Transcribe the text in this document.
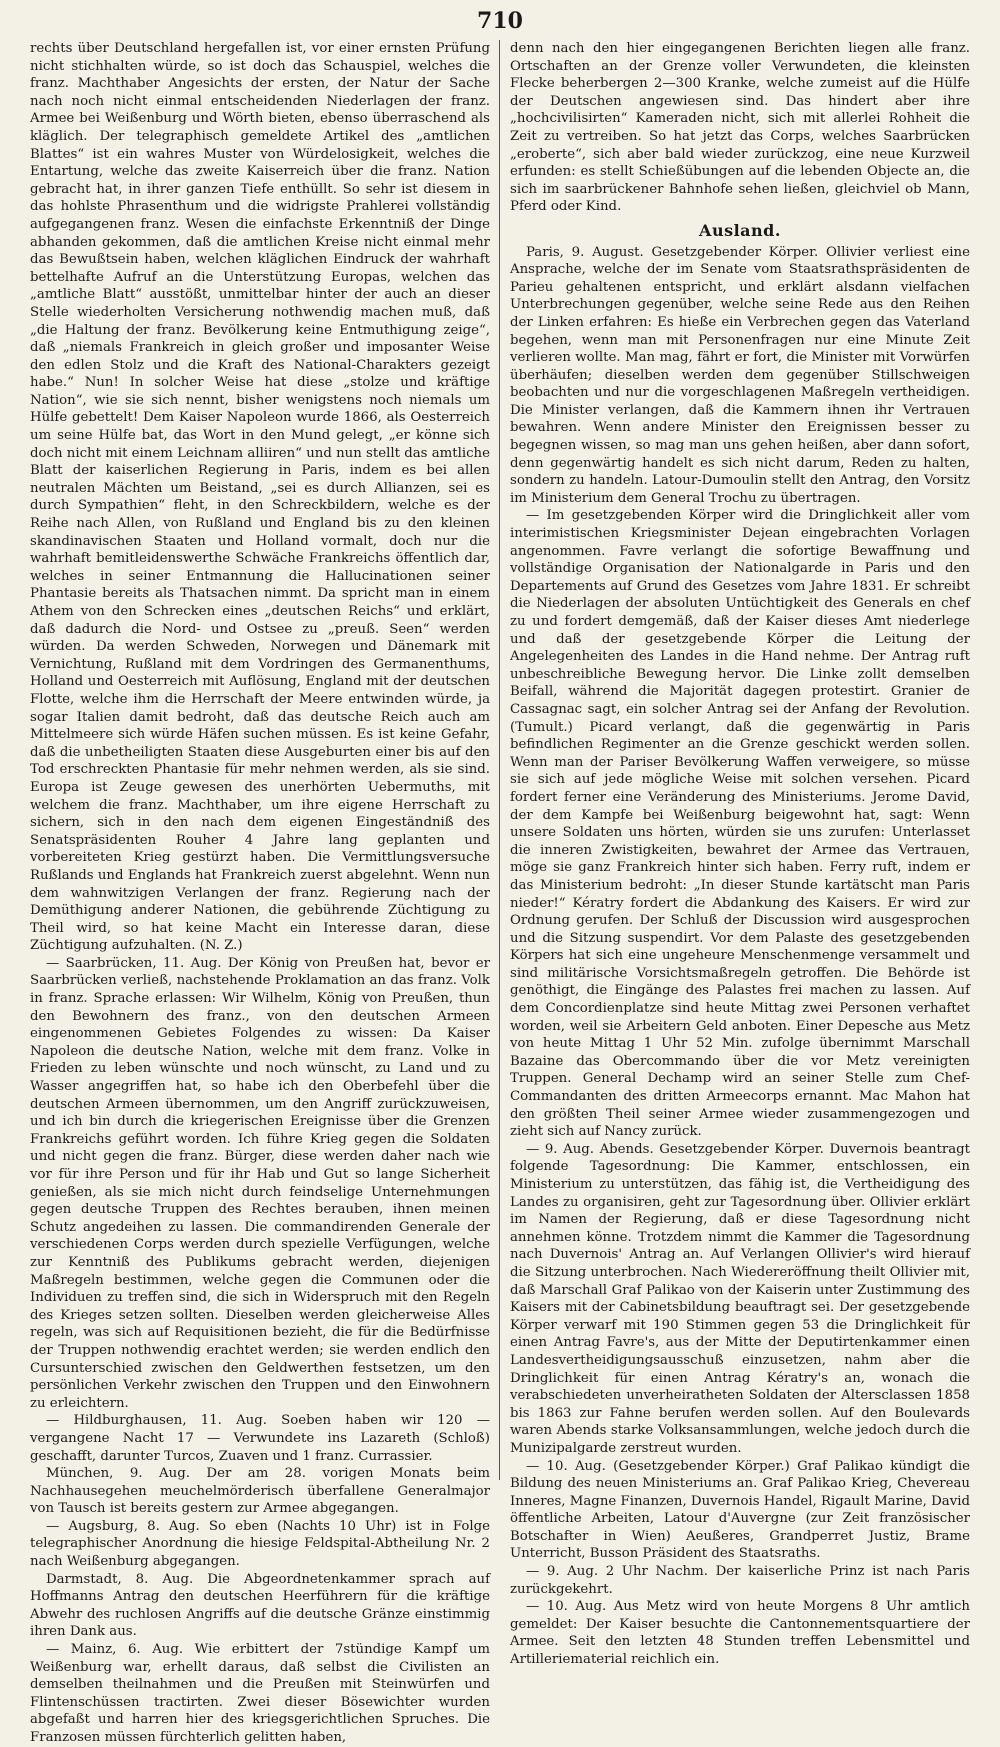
710

rechts über Deutschland hergefallen ist, vor einer ernsten Prüfung nicht stichhalten würde, so ist doch das Schauspiel, welches die franz. Machthaber Angesichts der ersten, der Natur der Sache nach noch nicht einmal entscheidenden Niederlagen der franz. Armee bei Weißenburg und Wörth bieten, ebenso überraschend als kläglich. Der telegraphisch gemeldete Artikel des „amtlichen Blattes“ ist ein wahres Muster von Würdelosigkeit, welches die Entartung, welche das zweite Kaiserreich über die franz. Nation gebracht hat, in ihrer ganzen Tiefe enthüllt. So sehr ist diesem in das hohlste Phrasenthum und die widrigste Prahlerei vollständig aufgegangenen franz. Wesen die einfachste Erkenntniß der Dinge abhanden gekommen, daß die amtlichen Kreise nicht einmal mehr das Bewußtsein haben, welchen kläglichen Eindruck der wahrhaft bettelhafte Aufruf an die Unterstützung Europas, welchen das „amtliche Blatt“ ausstößt, unmittelbar hinter der auch an dieser Stelle wiederholten Versicherung nothwendig machen muß, daß „die Haltung der franz. Bevölkerung keine Entmuthigung zeige“, daß „niemals Frankreich in gleich großer und imposanter Weise den edlen Stolz und die Kraft des National-Charakters gezeigt habe.“ Nun! In solcher Weise hat diese „stolze und kräftige Nation“, wie sie sich nennt, bisher wenigstens noch niemals um Hülfe gebettelt! Dem Kaiser Napoleon wurde 1866, als Oesterreich um seine Hülfe bat, das Wort in den Mund gelegt, „er könne sich doch nicht mit einem Leichnam alliiren“ und nun stellt das amtliche Blatt der kaiserlichen Regierung in Paris, indem es bei allen neutralen Mächten um Beistand, „sei es durch Allianzen, sei es durch Sympathien“ fleht, in den Schreckbildern, welche es der Reihe nach Allen, von Rußland und England bis zu den kleinen skandinavischen Staaten und Holland vormalt, doch nur die wahrhaft bemitleidenswerthe Schwäche Frankreichs öffentlich dar, welches in seiner Entmannung die Hallucinationen seiner Phantasie bereits als Thatsachen nimmt. Da spricht man in einem Athem von den Schrecken eines „deutschen Reichs“ und erklärt, daß dadurch die Nord- und Ostsee zu „preuß. Seen“ werden würden. Da werden Schweden, Norwegen und Dänemark mit Vernichtung, Rußland mit dem Vordringen des Germanenthums, Holland und Oesterreich mit Auflösung, England mit der deutschen Flotte, welche ihm die Herrschaft der Meere entwinden würde, ja sogar Italien damit bedroht, daß das deutsche Reich auch am Mittelmeere sich würde Häfen suchen müssen. Es ist keine Gefahr, daß die unbetheiligten Staaten diese Ausgeburten einer bis auf den Tod erschreckten Phantasie für mehr nehmen werden, als sie sind. Europa ist Zeuge gewesen des unerhörten Uebermuths, mit welchem die franz. Machthaber, um ihre eigene Herrschaft zu sichern, sich in den nach dem eigenen Eingeständniß des Senatspräsidenten Rouher 4 Jahre lang geplanten und vorbereiteten Krieg gestürzt haben. Die Vermittlungsversuche Rußlands und Englands hat Frankreich zuerst abgelehnt. Wenn nun dem wahnwitzigen Verlangen der franz. Regierung nach der Demüthigung anderer Nationen, die gebührende Züchtigung zu Theil wird, so hat keine Macht ein Interesse daran, diese Züchtigung aufzuhalten. (N. Z.)

— Saarbrücken, 11. Aug. Der König von Preußen hat, bevor er Saarbrücken verließ, nachstehende Proklamation an das franz. Volk in franz. Sprache erlassen: Wir Wilhelm, König von Preußen, thun den Bewohnern des franz., von den deutschen Armeen eingenommenen Gebietes Folgendes zu wissen: Da Kaiser Napoleon die deutsche Nation, welche mit dem franz. Volke in Frieden zu leben wünschte und noch wünscht, zu Land und zu Wasser angegriffen hat, so habe ich den Oberbefehl über die deutschen Armeen übernommen, um den Angriff zurückzuweisen, und ich bin durch die kriegerischen Ereignisse über die Grenzen Frankreichs geführt worden. Ich führe Krieg gegen die Soldaten und nicht gegen die franz. Bürger, diese werden daher nach wie vor für ihre Person und für ihr Hab und Gut so lange Sicherheit genießen, als sie mich nicht durch feindselige Unternehmungen gegen deutsche Truppen des Rechtes berauben, ihnen meinen Schutz angedeihen zu lassen. Die commandirenden Generale der verschiedenen Corps werden durch spezielle Verfügungen, welche zur Kenntniß des Publikums gebracht werden, diejenigen Maßregeln bestimmen, welche gegen die Communen oder die Individuen zu treffen sind, die sich in Widerspruch mit den Regeln des Krieges setzen sollten. Dieselben werden gleicherweise Alles regeln, was sich auf Requisitionen bezieht, die für die Bedürfnisse der Truppen nothwendig erachtet werden; sie werden endlich den Cursunterschied zwischen den Geldwerthen festsetzen, um den persönlichen Verkehr zwischen den Truppen und den Einwohnern zu erleichtern.

— Hildburghausen, 11. Aug. Soeben haben wir 120 — vergangene Nacht 17 — Verwundete ins Lazareth (Schloß) geschafft, darunter Turcos, Zuaven und 1 franz. Currassier.

München, 9. Aug. Der am 28. vorigen Monats beim Nachhausegehen meuchelmörderisch überfallene Generalmajor von Tausch ist bereits gestern zur Armee abgegangen.

— Augsburg, 8. Aug. So eben (Nachts 10 Uhr) ist in Folge telegraphischer Anordnung die hiesige Feldspital-Abtheilung Nr. 2 nach Weißenburg abgegangen.

Darmstadt, 8. Aug. Die Abgeordnetenkammer sprach auf Hoffmanns Antrag den deutschen Heerführern für die kräftige Abwehr des ruchlosen Angriffs auf die deutsche Gränze einstimmig ihren Dank aus.

— Mainz, 6. Aug. Wie erbittert der 7stündige Kampf um Weißenburg war, erhellt daraus, daß selbst die Civilisten an demselben theilnahmen und die Preußen mit Steinwürfen und Flintenschüssen tractirten. Zwei dieser Bösewichter wurden abgefaßt und harren hier des kriegsgerichtlichen Spruches. Die Franzosen müssen fürchterlich gelitten haben,

denn nach den hier eingegangenen Berichten liegen alle franz. Ortschaften an der Grenze voller Verwundeten, die kleinsten Flecke beherbergen 2—300 Kranke, welche zumeist auf die Hülfe der Deutschen angewiesen sind. Das hindert aber ihre „hochcivilisirten“ Kameraden nicht, sich mit allerlei Rohheit die Zeit zu vertreiben. So hat jetzt das Corps, welches Saarbrücken „eroberte“, sich aber bald wieder zurückzog, eine neue Kurzweil erfunden: es stellt Schießübungen auf die lebenden Objecte an, die sich im saarbrückener Bahnhofe sehen ließen, gleichviel ob Mann, Pferd oder Kind.

Ausland.

Paris, 9. August. Gesetzgebender Körper. Ollivier verliest eine Ansprache, welche der im Senate vom Staatsrathspräsidenten de Parieu gehaltenen entspricht, und erklärt alsdann vielfachen Unterbrechungen gegenüber, welche seine Rede aus den Reihen der Linken erfahren: Es hieße ein Verbrechen gegen das Vaterland begehen, wenn man mit Personenfragen nur eine Minute Zeit verlieren wollte. Man mag, fährt er fort, die Minister mit Vorwürfen überhäufen; dieselben werden dem gegenüber Stillschweigen beobachten und nur die vorgeschlagenen Maßregeln vertheidigen. Die Minister verlangen, daß die Kammern ihnen ihr Vertrauen bewahren. Wenn andere Minister den Ereignissen besser zu begegnen wissen, so mag man uns gehen heißen, aber dann sofort, denn gegenwärtig handelt es sich nicht darum, Reden zu halten, sondern zu handeln. Latour-Dumoulin stellt den Antrag, den Vorsitz im Ministerium dem General Trochu zu übertragen.

— Im gesetzgebenden Körper wird die Dringlichkeit aller vom interimistischen Kriegsminister Dejean eingebrachten Vorlagen angenommen. Favre verlangt die sofortige Bewaffnung und vollständige Organisation der Nationalgarde in Paris und den Departements auf Grund des Gesetzes vom Jahre 1831. Er schreibt die Niederlagen der absoluten Untüchtigkeit des Generals en chef zu und fordert demgemäß, daß der Kaiser dieses Amt niederlege und daß der gesetzgebende Körper die Leitung der Angelegenheiten des Landes in die Hand nehme. Der Antrag ruft unbeschreibliche Bewegung hervor. Die Linke zollt demselben Beifall, während die Majorität dagegen protestirt. Granier de Cassagnac sagt, ein solcher Antrag sei der Anfang der Revolution. (Tumult.) Picard verlangt, daß die gegenwärtig in Paris befindlichen Regimenter an die Grenze geschickt werden sollen. Wenn man der Pariser Bevölkerung Waffen verweigere, so müsse sie sich auf jede mögliche Weise mit solchen versehen. Picard fordert ferner eine Veränderung des Ministeriums. Jerome David, der dem Kampfe bei Weißenburg beigewohnt hat, sagt: Wenn unsere Soldaten uns hörten, würden sie uns zurufen: Unterlasset die inneren Zwistigkeiten, bewahret der Armee das Vertrauen, möge sie ganz Frankreich hinter sich haben. Ferry ruft, indem er das Ministerium bedroht: „In dieser Stunde kartätscht man Paris nieder!“ Kératry fordert die Abdankung des Kaisers. Er wird zur Ordnung gerufen. Der Schluß der Discussion wird ausgesprochen und die Sitzung suspendirt. Vor dem Palaste des gesetzgebenden Körpers hat sich eine ungeheure Menschenmenge versammelt und sind militärische Vorsichtsmaßregeln getroffen. Die Behörde ist genöthigt, die Eingänge des Palastes frei machen zu lassen. Auf dem Concordienplatze sind heute Mittag zwei Personen verhaftet worden, weil sie Arbeitern Geld anboten. Einer Depesche aus Metz von heute Mittag 1 Uhr 52 Min. zufolge übernimmt Marschall Bazaine das Obercommando über die vor Metz vereinigten Truppen. General Dechamp wird an seiner Stelle zum Chef-Commandanten des dritten Armeecorps ernannt. Mac Mahon hat den größten Theil seiner Armee wieder zusammengezogen und zieht sich auf Nancy zurück.

— 9. Aug. Abends. Gesetzgebender Körper. Duvernois beantragt folgende Tagesordnung: Die Kammer, entschlossen, ein Ministerium zu unterstützen, das fähig ist, die Vertheidigung des Landes zu organisiren, geht zur Tagesordnung über. Ollivier erklärt im Namen der Regierung, daß er diese Tagesordnung nicht annehmen könne. Trotzdem nimmt die Kammer die Tagesordnung nach Duvernois' Antrag an. Auf Verlangen Ollivier's wird hierauf die Sitzung unterbrochen. Nach Wiedereröffnung theilt Ollivier mit, daß Marschall Graf Palikao von der Kaiserin unter Zustimmung des Kaisers mit der Cabinetsbildung beauftragt sei. Der gesetzgebende Körper verwarf mit 190 Stimmen gegen 53 die Dringlichkeit für einen Antrag Favre's, aus der Mitte der Deputirtenkammer einen Landesvertheidigungsausschuß einzusetzen, nahm aber die Dringlichkeit für einen Antrag Kératry's an, wonach die verabschiedeten unverheiratheten Soldaten der Altersclassen 1858 bis 1863 zur Fahne berufen werden sollen. Auf den Boulevards waren Abends starke Volksansammlungen, welche jedoch durch die Munizipalgarde zerstreut wurden.

— 10. Aug. (Gesetzgebender Körper.) Graf Palikao kündigt die Bildung des neuen Ministeriums an. Graf Palikao Krieg, Chevereau Inneres, Magne Finanzen, Duvernois Handel, Rigault Marine, David öffentliche Arbeiten, Latour d'Auvergne (zur Zeit französischer Botschafter in Wien) Aeußeres, Grandperret Justiz, Brame Unterricht, Busson Präsident des Staatsraths.

— 9. Aug. 2 Uhr Nachm. Der kaiserliche Prinz ist nach Paris zurückgekehrt.

— 10. Aug. Aus Metz wird von heute Morgens 8 Uhr amtlich gemeldet: Der Kaiser besuchte die Cantonnementsquartiere der Armee. Seit den letzten 48 Stunden treffen Lebensmittel und Artilleriematerial reichlich ein.
